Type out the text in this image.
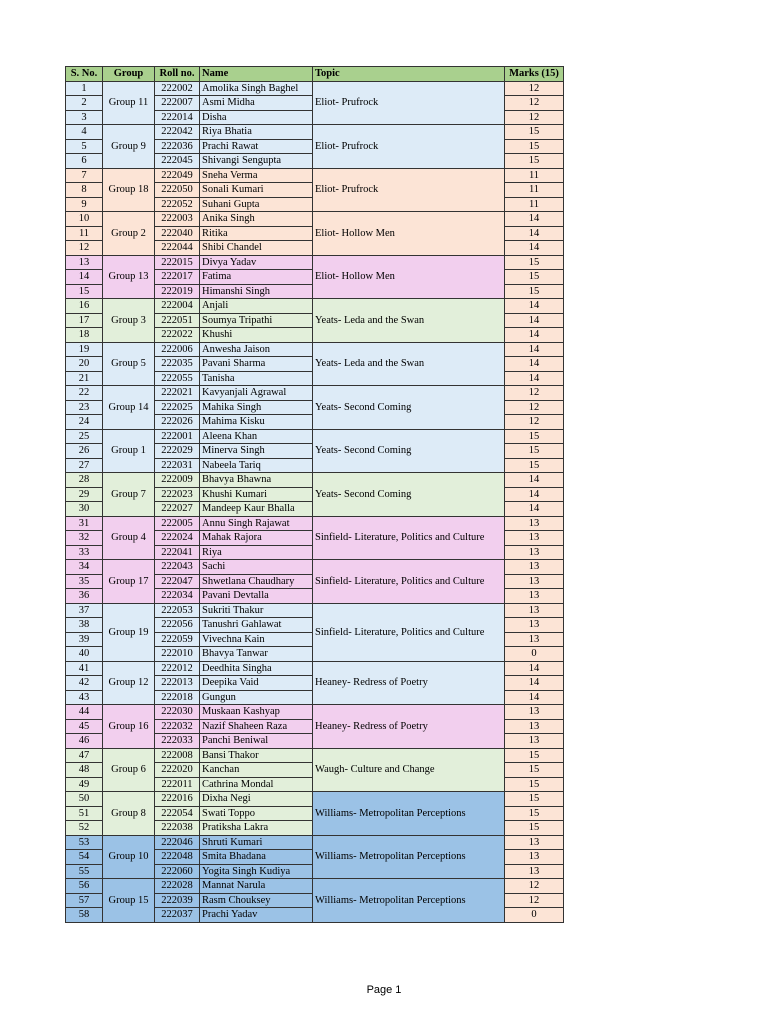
S. No.	Group	Roll no.	Name	Topic	Marks (15)
1	Group 11	222002	Amolika Singh Baghel	Eliot- Prufrock	12
2		222007	Asmi Midha		12
3		222014	Disha		12
4	Group 9	222042	Riya Bhatia	Eliot- Prufrock	15
5		222036	Prachi Rawat		15
6		222045	Shivangi Sengupta		15
7	Group 18	222049	Sneha Verma	Eliot- Prufrock	11
8		222050	Sonali Kumari		11
9		222052	Suhani Gupta		11
10	Group 2	222003	Anika Singh	Eliot- Hollow Men	14
11		222040	Ritika		14
12		222044	Shibi Chandel		14
13	Group 13	222015	Divya Yadav	Eliot- Hollow Men	15
14		222017	Fatima		15
15		222019	Himanshi Singh		15
16	Group 3	222004	Anjali	Yeats- Leda and the Swan	14
17		222051	Soumya Tripathi		14
18		222022	Khushi		14
19	Group 5	222006	Anwesha Jaison	Yeats- Leda and the Swan	14
20		222035	Pavani Sharma		14
21		222055	Tanisha		14
22	Group 14	222021	Kavyanjali Agrawal	Yeats- Second Coming	12
23		222025	Mahika Singh		12
24		222026	Mahima Kisku		12
25	Group 1	222001	Aleena Khan	Yeats- Second Coming	15
26		222029	Minerva Singh		15
27		222031	Nabeela Tariq		15
28	Group 7	222009	Bhavya Bhawna	Yeats- Second Coming	14
29		222023	Khushi Kumari		14
30		222027	Mandeep Kaur Bhalla		14
31	Group 4	222005	Annu Singh Rajawat	Sinfield- Literature, Politics and Culture	13
32		222024	Mahak Rajora		13
33		222041	Riya		13
34	Group 17	222043	Sachi	Sinfield- Literature, Politics and Culture	13
35		222047	Shwetlana Chaudhary		13
36		222034	Pavani Devtalla		13
37	Group 19	222053	Sukriti Thakur	Sinfield- Literature, Politics and Culture	13
38		222056	Tanushri Gahlawat		13
39		222059	Vivechna Kain		13
40		222010	Bhavya Tanwar		0
41	Group 12	222012	Deedhita Singha	Heaney- Redress of Poetry	14
42		222013	Deepika Vaid		14
43		222018	Gungun		14
44	Group 16	222030	Muskaan Kashyap	Heaney- Redress of Poetry	13
45		222032	Nazif Shaheen Raza		13
46		222033	Panchi Beniwal		13
47	Group 6	222008	Bansi Thakor	Waugh- Culture and Change	15
48		222020	Kanchan		15
49		222011	Cathrina Mondal		15
50	Group 8	222016	Dixha Negi	Williams- Metropolitan Perceptions	15
51		222054	Swati Toppo		15
52		222038	Pratiksha Lakra		15
53	Group 10	222046	Shruti Kumari	Williams- Metropolitan Perceptions	13
54		222048	Smita Bhadana		13
55		222060	Yogita Singh Kudiya		13
56	Group 15	222028	Mannat Narula	Williams- Metropolitan Perceptions	12
57		222039	Rasm Chouksey		12
58		222037	Prachi Yadav		0
Page 1
